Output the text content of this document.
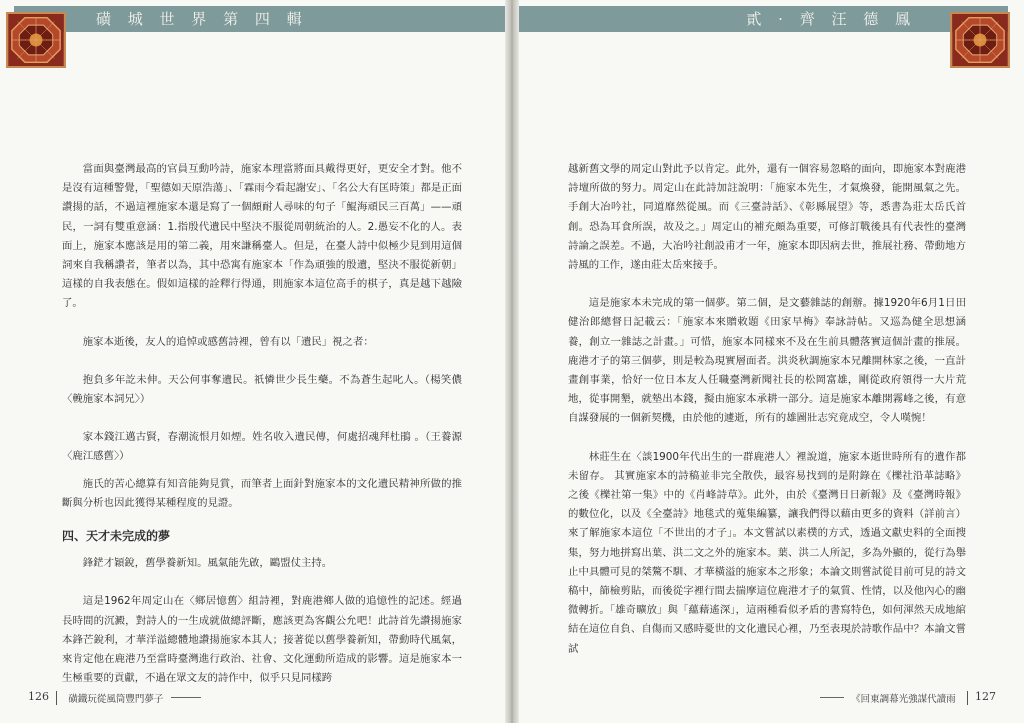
磺 城 世 界 第 四 輯

當面與臺灣最高的官員互動吟詩，施家本理當將面具戴得更好，更安全才對。他不是沒有這種警覺，「聖德如天原浩蕩」、「霖雨今看起謝安」、「名公大有匡時策」都是正面讚揚的話，不過這裡施家本還是寫了一個頗耐人尋味的句子「鯤海頑民三百萬」——頑民，一詞有雙重意涵：1.指殷代遺民中堅決不服從周朝統治的人。2.愚妄不化的人。表面上，施家本應該是用的第二義，用來謙稱臺人。但是，在臺人詩中似極少見到用這個詞來自我稱讚者，筆者以為，其中恐寓有施家本「作為頑強的殷遺，堅決不服從新朝」這樣的自我表態在。假如這樣的詮釋行得通，則施家本這位高手的棋子，真是越下越險了。

施家本逝後，友人的追悼或感舊詩裡，曾有以「遺民」視之者：

抱負多年訖未伸。天公何事奪遺民。祇憐世少長生藥。不為蒼生起叱人。（楊笑儂〈輓施家本詞兄〉）

家本錢江邁古賢，春潮流恨月如煙。姓名收入遺民傳，何處招魂拜杜鵑 。（王養源〈鹿江感舊〉）

施氏的苦心總算有知音能夠見賞，而筆者上面針對施家本的文化遺民精神所做的推斷與分析也因此獲得某種程度的見證。

四、天才未完成的夢

鋒鋩才穎銳，舊學養新知。風氣能先啟，鷗盟仗主持。

這是1962年周定山在〈鄉居憶舊〉組詩裡，對鹿港鄉人做的追憶性的記述。經過長時間的沉澱，對詩人的一生成就做總評斷，應該更為客觀公允吧！此詩首先讚揚施家本鋒芒銳利，才華洋溢總體地讚揚施家本其人；接著從以舊學養新知，帶動時代風氣，來肯定他在鹿港乃至當時臺灣進行政治、社會、文化運動所造成的影響。這是施家本一生極重要的貢獻，不過在眾文友的詩作中，似乎只見同樣跨

126 磺鐵玩從風筒豐門夢子
貳 · 齊 汪 德 鳳

越新舊文學的周定山對此予以肯定。此外，還有一個容易忽略的面向，即施家本對鹿港詩壇所做的努力。周定山在此詩加註說明：「施家本先生，才氣煥發，能開風氣之先。手創大冶吟社，同道靡然從風。而《三臺詩話》、《彰縣展望》等，悉書為莊太岳氏首創。恐為耳食所誤，故及之。」周定山的補充頗為重要，可修訂戰後具有代表性的臺灣詩論之誤差。不過，大冶吟社創設甫才一年，施家本即因病去世，推展社務、帶動地方詩風的工作，遂由莊太岳來接手。

這是施家本未完成的第一個夢。第二個，是文藝雜誌的創辦。據1920年6月1日田健治郎總督日記載云：「施家本來贈敕題《田家早梅》奉詠詩帖。又巡為健全思想涵養，創立一雜誌之計畫。」可惜，施家本同樣來不及在生前具體落實這個計畫的推展。鹿港才子的第三個夢，則是較為現實層面者。洪炎秋調施家本兄離開林家之後，一直計畫創事業，恰好一位日本友人任職臺灣新聞社長的松岡富雄，剛從政府領得一大片荒地，從事開墾，就墊出本錢，擬由施家本承耕一部分。這是施家本離開霧峰之後，有意自謀發展的一個新契機，由於他的遽逝，所有的雄圖壯志究竟成空，令人嘆惋！

林莊生在〈談1900年代出生的一群鹿港人〉裡說道，施家本逝世時所有的遺作都未留存。 其實施家本的詩稿並非完全散佚，最容易找到的是附錄在《櫟社沿革誌略》之後《櫟社第一集》中的《肖峰詩草》。此外，由於《臺灣日日新報》及《臺灣時報》的數位化，以及《全臺詩》地毯式的蒐集編纂，讓我們得以藉由更多的資料（詳前言）來了解施家本這位「不世出的才子」。本文嘗試以素樸的方式，透過文獻史料的全面搜集，努力地拼寫出葉、洪二文之外的施家本。葉、洪二人所記，多為外顯的，從行為舉止中具體可見的桀驁不馴、才華橫溢的施家本之形象；本論文則嘗試從目前可見的詩文稿中，篩檢剪貼，而後從字裡行間去揣摩這位鹿港才子的氣質、性情，以及他內心的幽微轉折。「雄奇曠放」與「蘊藉遙深」，這兩種看似矛盾的書寫特色，如何渾然天成地綰結在這位自負、自傷而又感時憂世的文化遺民心裡，乃至表現於詩歌作品中？本論文嘗 試

《回東調幕光強謀代讀雨 127
